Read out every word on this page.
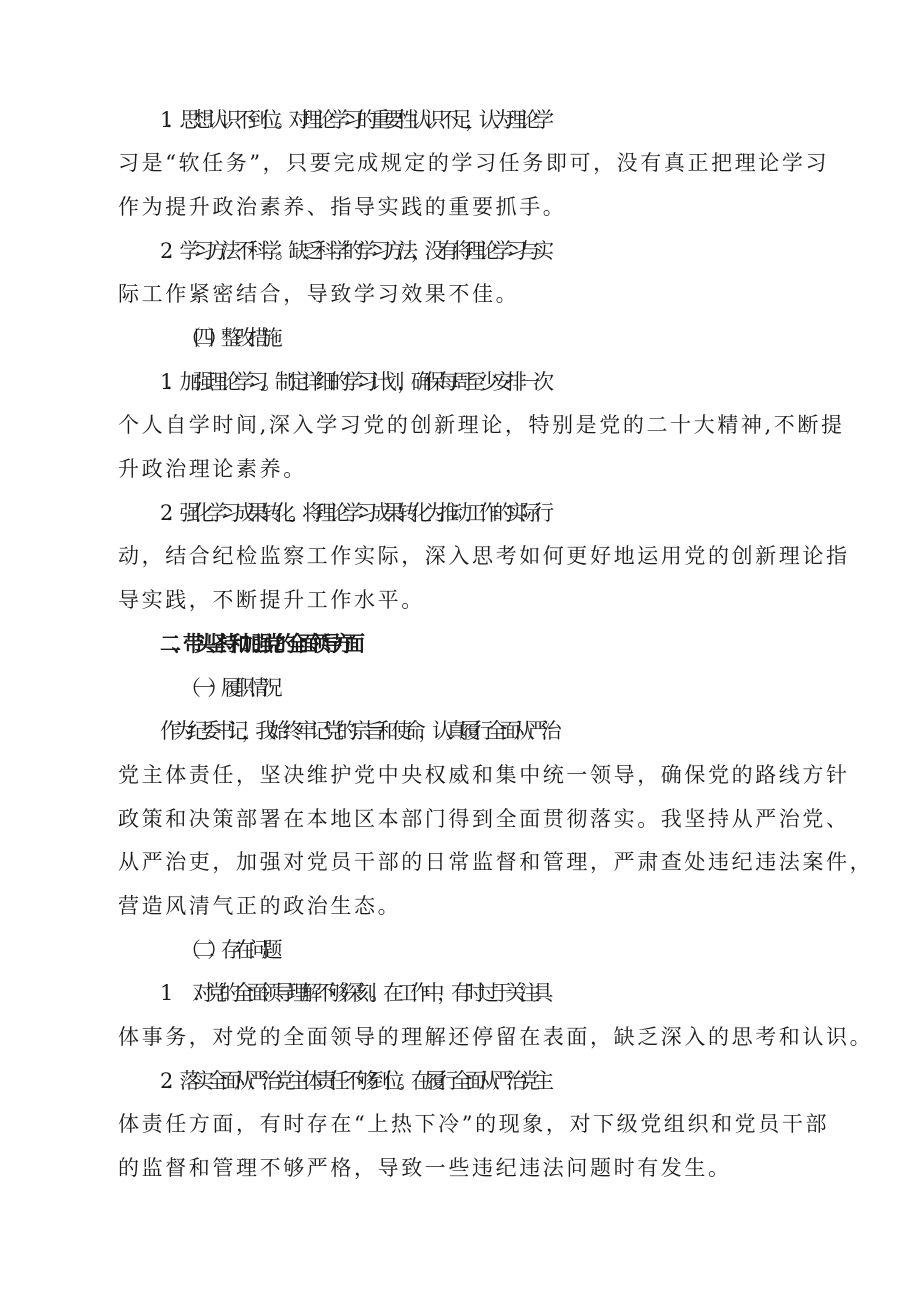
1．思想认识不到位。对理论学习的重要性认识不足，认为理论学
习是“软任务”，只要完成规定的学习任务即可，没有真正把理论学习
作为提升政治素养、指导实践的重要抓手。
2．学习方法不科学。缺乏科学的学习方法，没有将理论学习与实
际工作紧密结合，导致学习效果不佳。
（四）整改措施
1．加强理论学习。制定详细的学习计划，确保每周至少安排一次
个人自学时间,深入学习党的创新理论，特别是党的二十大精神,不断提
升政治理论素养。
2．强化学习成果转化。将理论学习成果转化为推动工作的实际行
动，结合纪检监察工作实际，深入思考如何更好地运用党的创新理论指
导实践，不断提升工作水平。
二、带头坚持和加强党的全面领导方面
（一）履职情况
作为纪委书记，我始终牢记党的宗旨和使命，认真履行全面从严治
党主体责任，坚决维护党中央权威和集中统一领导，确保党的路线方针
政策和决策部署在本地区本部门得到全面贯彻落实。我坚持从严治党、
从严治吏，加强对党员干部的日常监督和管理，严肃查处违纪违法案件，
营造风清气正的政治生态。
（二）存在问题
1　　.对党的全面领导理解不够深刻。在工作中，有时过于关注具
体事务，对党的全面领导的理解还停留在表面，缺乏深入的思考和认识。
2．落实全面从严治党主体责任不够到位。在履行全面从严治党主
体责任方面，有时存在“上热下冷”的现象，对下级党组织和党员干部
的监督和管理不够严格，导致一些违纪违法问题时有发生。
